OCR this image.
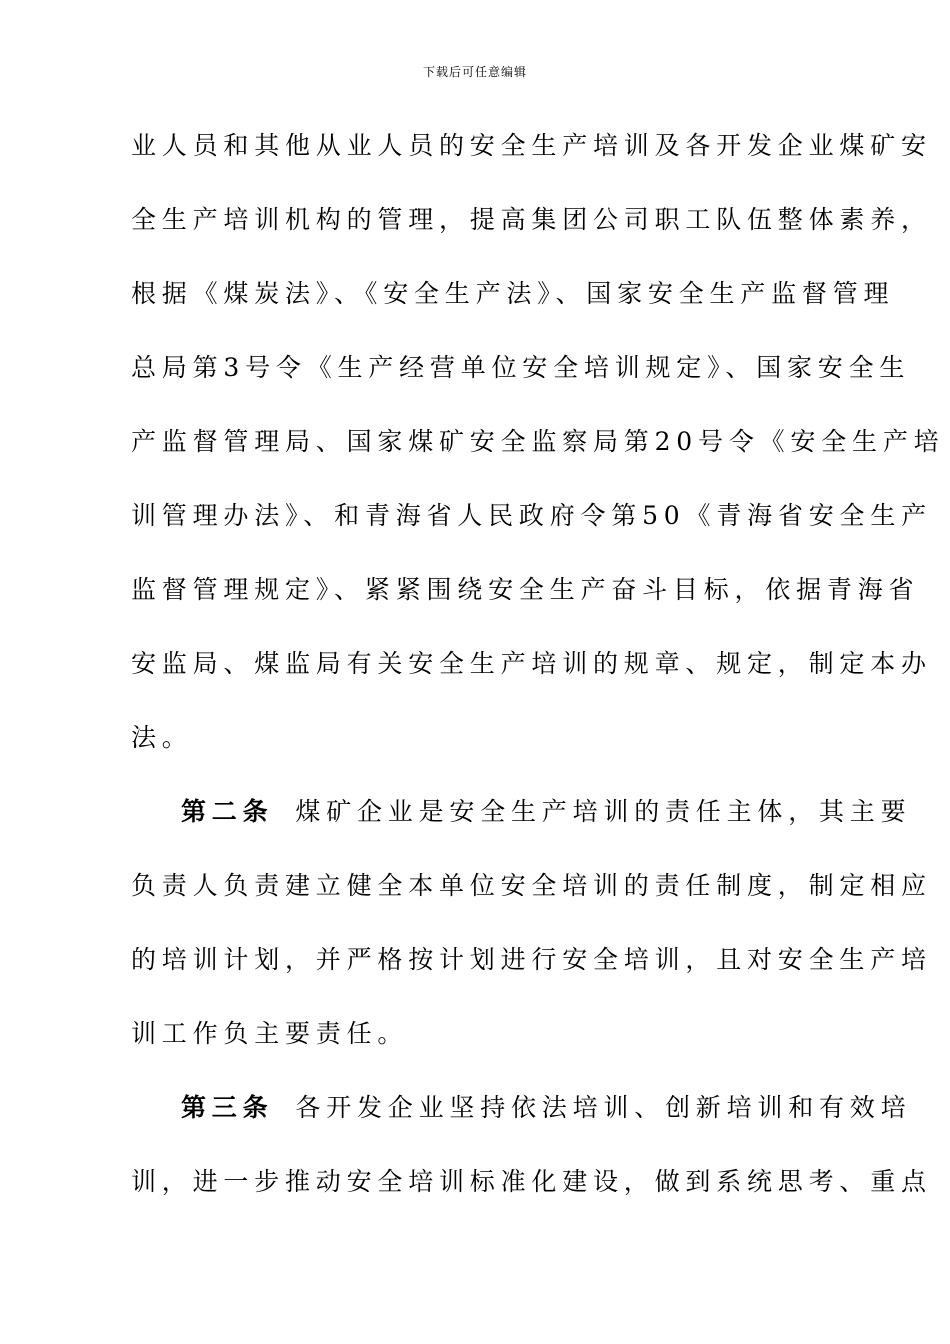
下载后可任意编辑
业人员和其他从业人员的安全生产培训及各开发企业煤矿安
全生产培训机构的管理，提高集团公司职工队伍整体素养，
根据《煤炭法》、《安全生产法》、国家安全生产监督管理
总局第3号令《生产经营单位安全培训规定》、国家安全生
产监督管理局、国家煤矿安全监察局第20号令《安全生产培
训管理办法》、和青海省人民政府令第50《青海省安全生产
监督管理规定》、紧紧围绕安全生产奋斗目标，依据青海省
安监局、煤监局有关安全生产培训的规章、规定，制定本办
法。
第二条 煤矿企业是安全生产培训的责任主体，其主要
负责人负责建立健全本单位安全培训的责任制度，制定相应
的培训计划，并严格按计划进行安全培训，且对安全生产培
训工作负主要责任。
第三条 各开发企业坚持依法培训、创新培训和有效培
训，进一步推动安全培训标准化建设，做到系统思考、重点
